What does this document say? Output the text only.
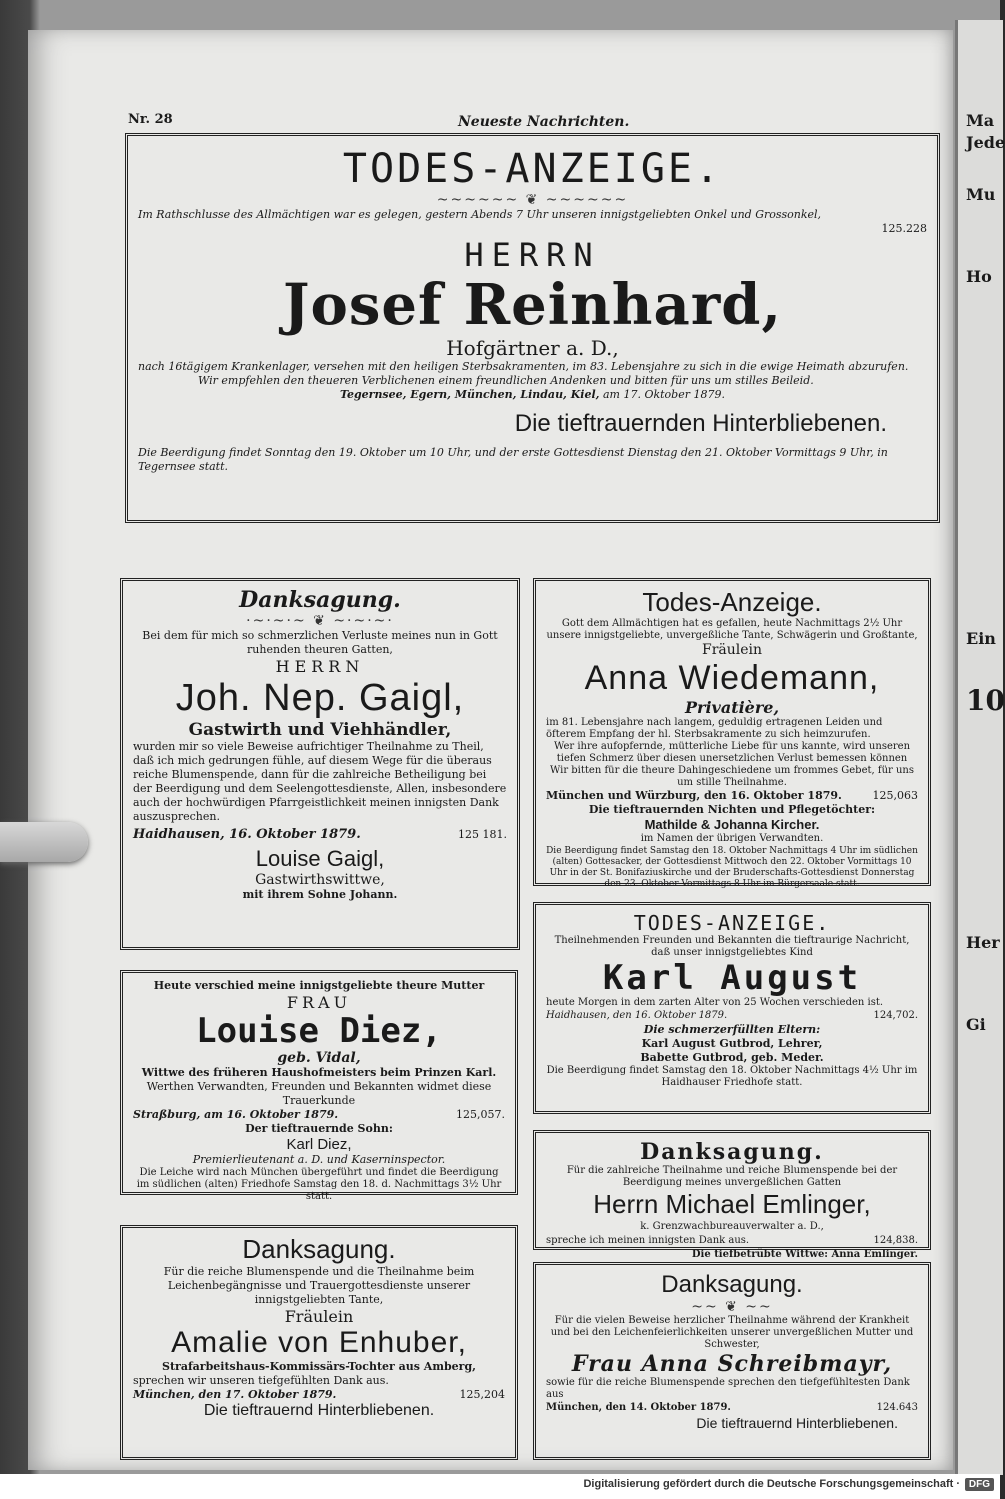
Ma
Jede
Mu
Ho
Ein
10
Her
Gi
Nr. 28	Neueste Nachrichten.
TODES-ANZEIGE.
~~~~~~ ❦ ~~~~~~
Im Rathschlusse des Allmächtigen war es gelegen, gestern Abends 7 Uhr unseren innigstgeliebten Onkel und Grossonkel,
125.228
HERRN
Josef Reinhard,
Hofgärtner a. D.,
nach 16tägigem Krankenlager, versehen mit den heiligen Sterbsakramenten, im 83. Lebensjahre zu sich in die ewige Heimath abzurufen.
Wir empfehlen den theueren Verblichenen einem freundlichen Andenken und bitten für uns um stilles Beileid.
Tegernsee, Egern, München, Lindau, Kiel, am 17. Oktober 1879.
Die tieftrauernden Hinterbliebenen.
Die Beerdigung findet Sonntag den 19. Oktober um 10 Uhr, und der erste Gottesdienst Dienstag den 21. Oktober Vormittags 9 Uhr, in Tegernsee statt.
Danksagung.
·~·~·~ ❦ ~·~·~·
Bei dem für mich so schmerzlichen Verluste meines nun in Gott ruhenden theuren Gatten,
HERRN
Joh. Nep. Gaigl,
Gastwirth und Viehhändler,
wurden mir so viele Beweise aufrichtiger Theilnahme zu Theil, daß ich mich gedrungen fühle, auf diesem Wege für die überaus reiche Blumenspende, dann für die zahlreiche Betheiligung bei der Beerdigung und dem Seelengottesdienste, Allen, insbesondere auch der hochwürdigen Pfarrgeistlichkeit meinen innigsten Dank auszusprechen.
Haidhausen, 16. Oktober 1879.	125 181.
Louise Gaigl,
Gastwirthswittwe,
mit ihrem Sohne Johann.
Heute verschied meine innigstgeliebte theure Mutter
FRAU
Louise Diez,
geb. Vidal,
Wittwe des früheren Haushofmeisters beim Prinzen Karl.
Werthen Verwandten, Freunden und Bekannten widmet diese Trauerkunde
Straßburg, am 16. Oktober 1879.	125,057.
Der tieftrauernde Sohn:
Karl Diez,
Premierlieutenant a. D. und Kaserninspector.
Die Leiche wird nach München übergeführt und findet die Beerdigung im südlichen (alten) Friedhofe Samstag den 18. d. Nachmittags 3½ Uhr statt.
Danksagung.
Für die reiche Blumenspende und die Theilnahme beim Leichenbegängnisse und Trauergottesdienste unserer innigstgeliebten Tante,
Fräulein
Amalie von Enhuber,
Strafarbeitshaus-Kommissärs-Tochter aus Amberg,
sprechen wir unseren tiefgefühlten Dank aus.
München, den 17. Oktober 1879.	125,204
Die tieftrauernd Hinterbliebenen.
Todes-Anzeige.
Gott dem Allmächtigen hat es gefallen, heute Nachmittags 2½ Uhr unsere innigstgeliebte, unvergeßliche Tante, Schwägerin und Großtante,
Fräulein
Anna Wiedemann,
Privatière,
im 81. Lebensjahre nach langem, geduldig ertragenen Leiden und öfterem Empfang der hl. Sterbsakramente zu sich heimzurufen.
Wer ihre aufopfernde, mütterliche Liebe für uns kannte, wird unseren tiefen Schmerz über diesen unersetzlichen Verlust bemessen können
Wir bitten für die theure Dahingeschiedene um frommes Gebet, für uns um stille Theilnahme.
München und Würzburg, den 16. Oktober 1879.	125,063
Die tieftrauernden Nichten und Pflegetöchter:
Mathilde & Johanna Kircher.
im Namen der übrigen Verwandten.
Die Beerdigung findet Samstag den 18. Oktober Nachmittags 4 Uhr im südlichen (alten) Gottesacker, der Gottesdienst Mittwoch den 22. Oktober Vormittags 10 Uhr in der St. Bonifaziuskirche und der Bruderschafts-Gottesdienst Donnerstag den 23. Oktober Vormittags 8 Uhr im Bürgersaale statt.
TODES-ANZEIGE.
Theilnehmenden Freunden und Bekannten die tieftraurige Nachricht, daß unser innigstgeliebtes Kind
Karl August
heute Morgen in dem zarten Alter von 25 Wochen verschieden ist.
Haidhausen, den 16. Oktober 1879.	124,702.
Die schmerzerfüllten Eltern:
Karl August Gutbrod, Lehrer,
Babette Gutbrod, geb. Meder.
Die Beerdigung findet Samstag den 18. Oktober Nachmittags 4½ Uhr im Haidhauser Friedhofe statt.
Danksagung.
Für die zahlreiche Theilnahme und reiche Blumenspende bei der Beerdigung meines unvergeßlichen Gatten
Herrn Michael Emlinger,
k. Grenzwachbureauverwalter a. D.,
spreche ich meinen innigsten Dank aus.	124,838.
Die tiefbetrübte Wittwe: Anna Emlinger.
Danksagung.
~~ ❦ ~~
Für die vielen Beweise herzlicher Theilnahme während der Krankheit und bei den Leichenfeierlichkeiten unserer unvergeßlichen Mutter und Schwester,
Frau Anna Schreibmayr,
sowie für die reiche Blumenspende sprechen den tiefgefühltesten Dank aus
München, den 14. Oktober 1879.	124.643
Die tieftrauernd Hinterbliebenen.
Digitalisierung gefördert durch die Deutsche Forschungsgemeinschaft · DFG
